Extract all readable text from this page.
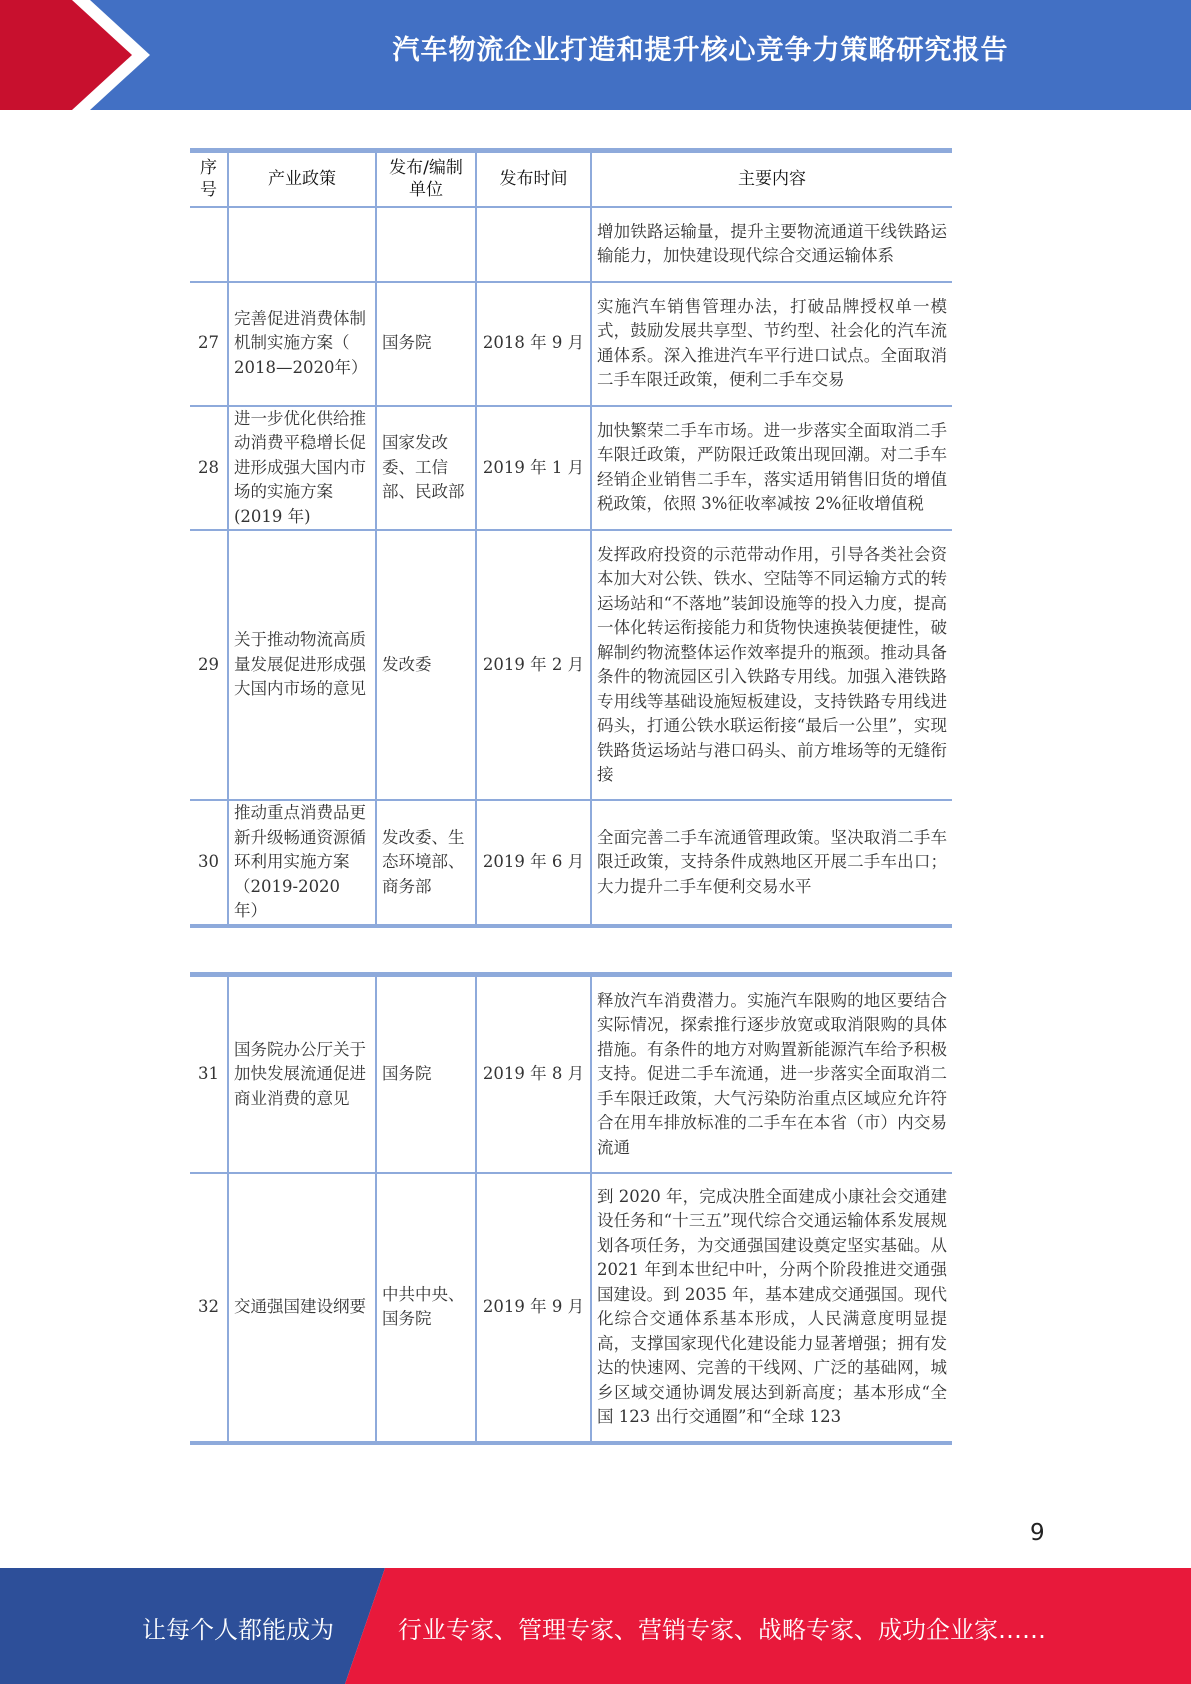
汽车物流企业打造和提升核心竞争力策略研究报告
序号	产业政策	发布/编制单位	发布时间	主要内容
				增加铁路运输量，提升主要物流通道干线铁路运输能力，加快建设现代综合交通运输体系
27	完善促进消费体制机制实施方案（ 2018—2020年）	国务院	2018 年 9 月	实施汽车销售管理办法，打破品牌授权单一模式，鼓励发展共享型、节约型、社会化的汽车流通体系。深入推进汽车平行进口试点。全面取消二手车限迁政策，便利二手车交易
28	进一步优化供给推动消费平稳增长促进形成强大国内市场的实施方案(2019 年)	国家发改委、工信部、民政部	2019 年 1 月	加快繁荣二手车市场。进一步落实全面取消二手车限迁政策，严防限迁政策出现回潮。对二手车经销企业销售二手车，落实适用销售旧货的增值税政策，依照 3%征收率减按 2%征收增值税
29	关于推动物流高质量发展促进形成强大国内市场的意见	发改委	2019 年 2 月	发挥政府投资的示范带动作用，引导各类社会资本加大对公铁、铁水、空陆等不同运输方式的转运场站和“不落地”装卸设施等的投入力度，提高一体化转运衔接能力和货物快速换装便捷性，破解制约物流整体运作效率提升的瓶颈。推动具备条件的物流园区引入铁路专用线。加强入港铁路专用线等基础设施短板建设，支持铁路专用线进码头，打通公铁水联运衔接“最后一公里”，实现铁路货运场站与港口码头、前方堆场等的无缝衔接
30	推动重点消费品更新升级畅通资源循环利用实施方案（2019-2020 年）	发改委、生态环境部、商务部	2019 年 6 月	全面完善二手车流通管理政策。坚决取消二手车限迁政策，支持条件成熟地区开展二手车出口；大力提升二手车便利交易水平
31	国务院办公厅关于加快发展流通促进商业消费的意见	国务院	2019 年 8 月	释放汽车消费潜力。实施汽车限购的地区要结合实际情况，探索推行逐步放宽或取消限购的具体措施。有条件的地方对购置新能源汽车给予积极支持。促进二手车流通，进一步落实全面取消二手车限迁政策，大气污染防治重点区域应允许符合在用车排放标准的二手车在本省（市）内交易流通
32	交通强国建设纲要	中共中央、国务院	2019 年 9 月	到 2020 年，完成决胜全面建成小康社会交通建设任务和“十三五”现代综合交通运输体系发展规划各项任务，为交通强国建设奠定坚实基础。从 2021 年到本世纪中叶，分两个阶段推进交通强国建设。到 2035 年，基本建成交通强国。现代化综合交通体系基本形成，人民满意度明显提高，支撑国家现代化建设能力显著增强；拥有发达的快速网、完善的干线网、广泛的基础网，城乡区域交通协调发展达到新高度；基本形成“全国 123 出行交通圈”和“全球 123
9
让每个人都能成为	行业专家、管理专家、营销专家、战略专家、成功企业家……
